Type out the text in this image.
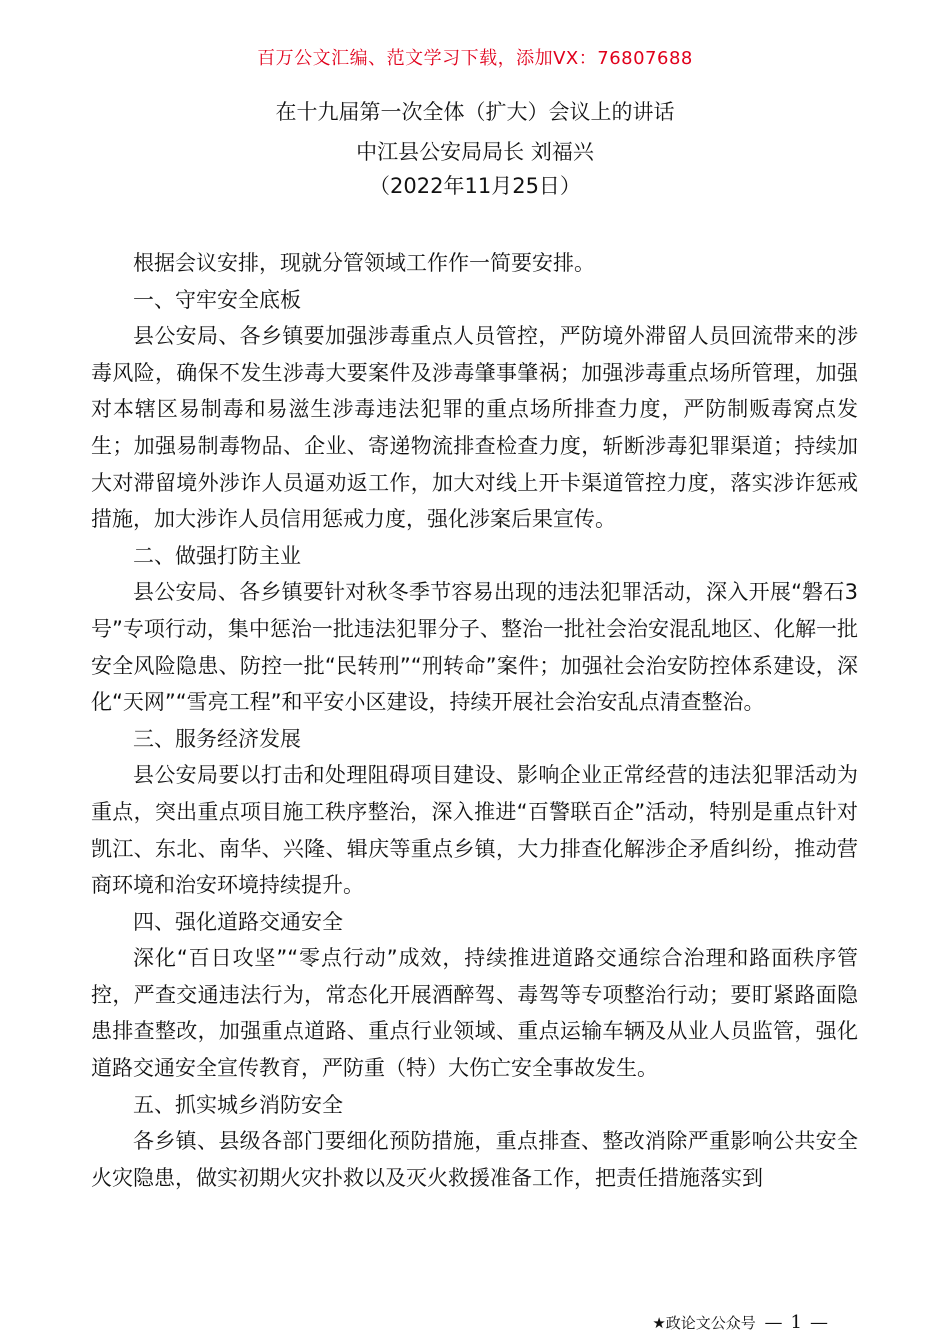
百万公文汇编、范文学习下载，添加VX：76807688
在十九届第一次全体（扩大）会议上的讲话
中江县公安局局长 刘福兴
（2022年11月25日）

根据会议安排，现就分管领域工作作一简要安排。

一、守牢安全底板

县公安局、各乡镇要加强涉毒重点人员管控，严防境外滞留人员回流带来的涉毒风险，确保不发生涉毒大要案件及涉毒肇事肇祸；加强涉毒重点场所管理，加强对本辖区易制毒和易滋生涉毒违法犯罪的重点场所排查力度，严防制贩毒窝点发生；加强易制毒物品、企业、寄递物流排查检查力度，斩断涉毒犯罪渠道；持续加大对滞留境外涉诈人员逼劝返工作，加大对线上开卡渠道管控力度，落实涉诈惩戒措施，加大涉诈人员信用惩戒力度，强化涉案后果宣传。

二、做强打防主业

县公安局、各乡镇要针对秋冬季节容易出现的违法犯罪活动，深入开展“磐石3号”专项行动，集中惩治一批违法犯罪分子、整治一批社会治安混乱地区、化解一批安全风险隐患、防控一批“民转刑”“刑转命”案件；加强社会治安防控体系建设，深化“天网”“雪亮工程”和平安小区建设，持续开展社会治安乱点清查整治。

三、服务经济发展

县公安局要以打击和处理阻碍项目建设、影响企业正常经营的违法犯罪活动为重点，突出重点项目施工秩序整治，深入推进“百警联百企”活动，特别是重点针对凯江、东北、南华、兴隆、辑庆等重点乡镇，大力排查化解涉企矛盾纠纷，推动营商环境和治安环境持续提升。

四、强化道路交通安全

深化“百日攻坚”“零点行动”成效，持续推进道路交通综合治理和路面秩序管控，严查交通违法行为，常态化开展酒醉驾、毒驾等专项整治行动；要盯紧路面隐患排查整改，加强重点道路、重点行业领域、重点运输车辆及从业人员监管，强化道路交通安全宣传教育，严防重（特）大伤亡安全事故发生。

五、抓实城乡消防安全

各乡镇、县级各部门要细化预防措施，重点排查、整改消除严重影响公共安全火灾隐患，做实初期火灾扑救以及灭火救援准备工作，把责任措施落实到

★政论文公众号 — 1 —
